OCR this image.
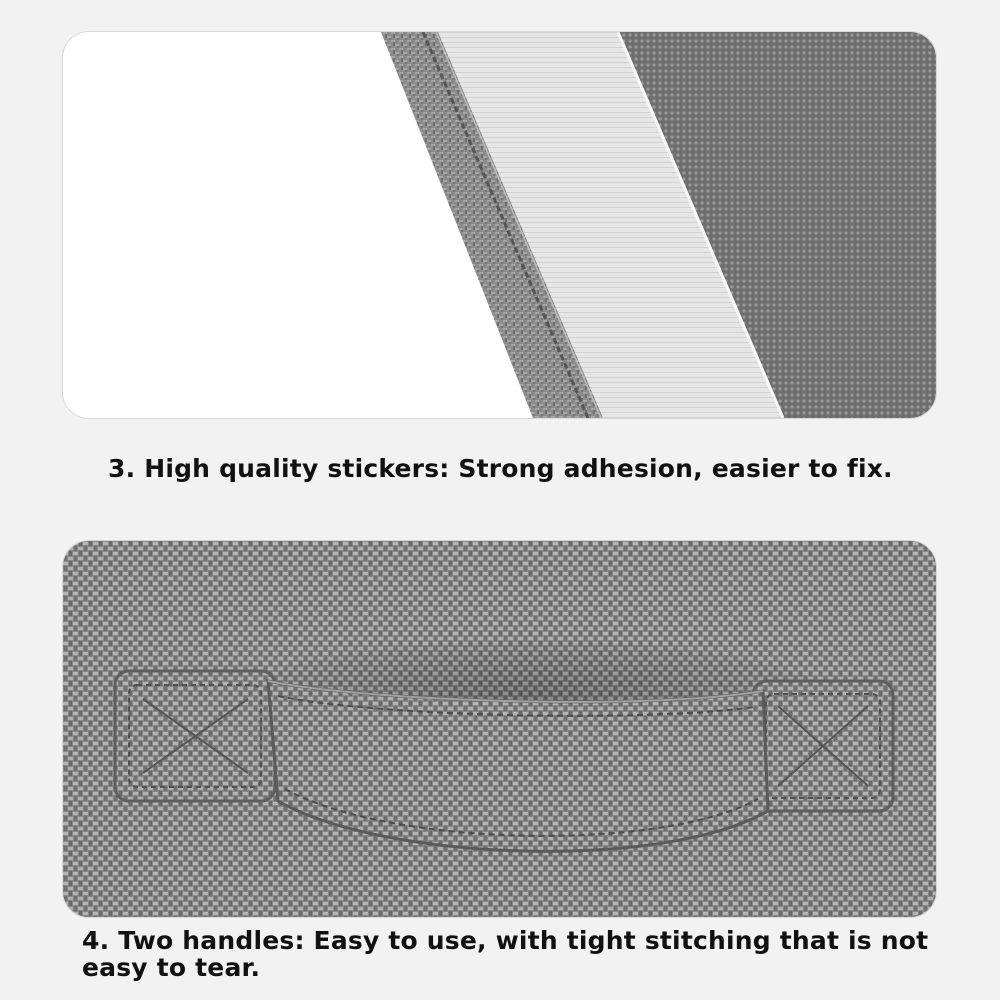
3. High quality stickers: Strong adhesion, easier to fix.

4. Two handles: Easy to use, with tight stitching that is not easy to tear.
